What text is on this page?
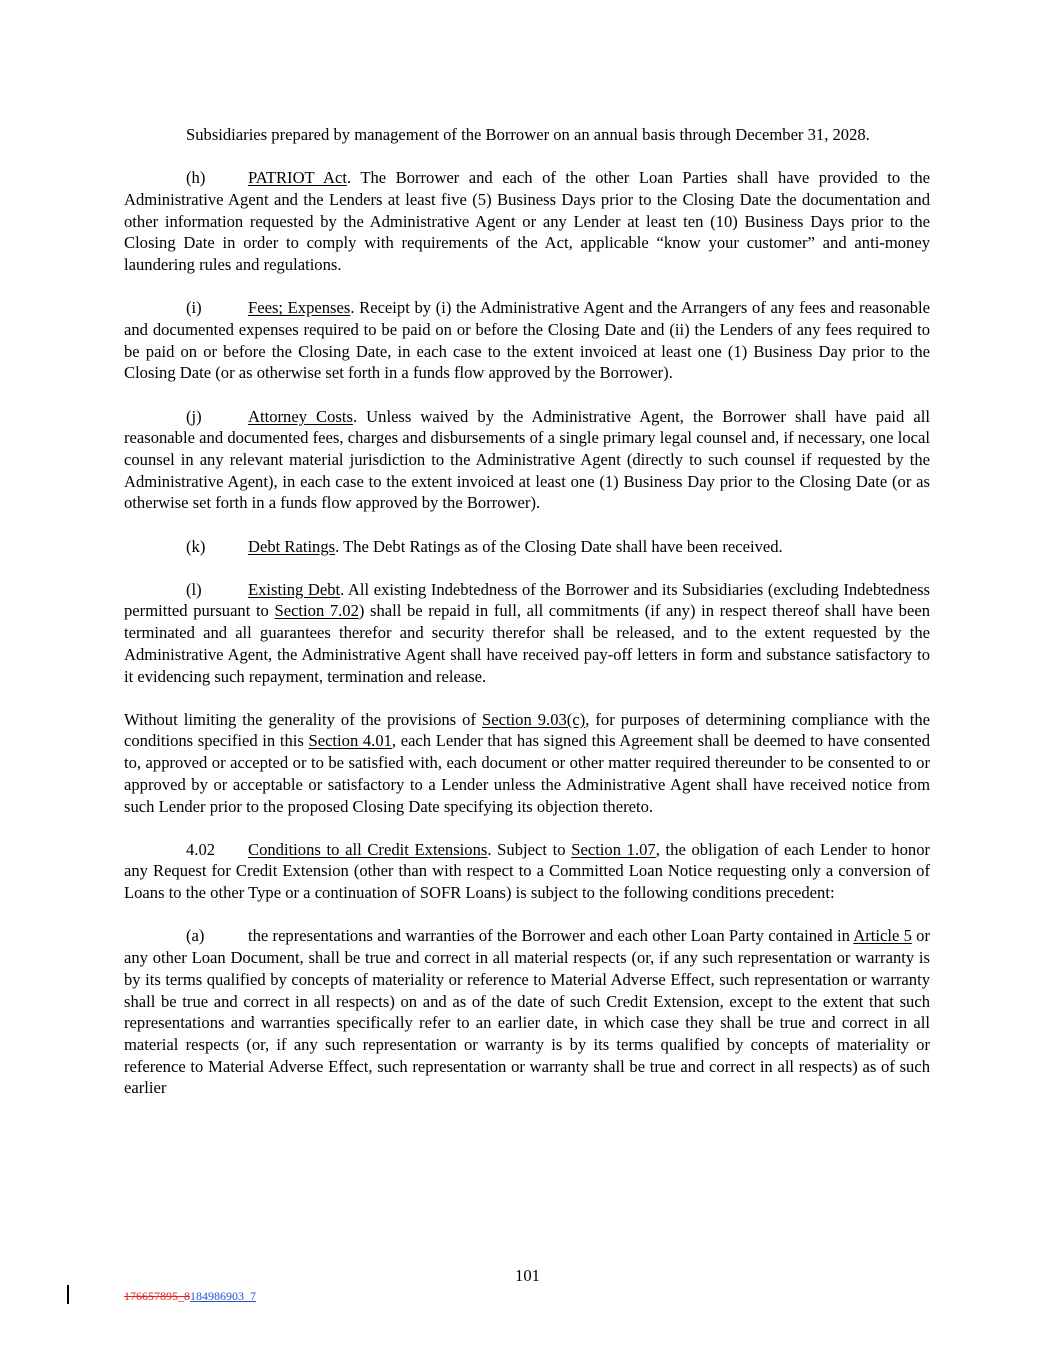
Subsidiaries prepared by management of the Borrower on an annual basis through December 31, 2028.

(h)	PATRIOT Act. The Borrower and each of the other Loan Parties shall have provided to the Administrative Agent and the Lenders at least five (5) Business Days prior to the Closing Date the documentation and other information requested by the Administrative Agent or any Lender at least ten (10) Business Days prior to the Closing Date in order to comply with requirements of the Act, applicable “know your customer” and anti-money laundering rules and regulations.

(i)	Fees; Expenses. Receipt by (i) the Administrative Agent and the Arrangers of any fees and reasonable and documented expenses required to be paid on or before the Closing Date and (ii) the Lenders of any fees required to be paid on or before the Closing Date, in each case to the extent invoiced at least one (1) Business Day prior to the Closing Date (or as otherwise set forth in a funds flow approved by the Borrower).

(j)	Attorney Costs. Unless waived by the Administrative Agent, the Borrower shall have paid all reasonable and documented fees, charges and disbursements of a single primary legal counsel and, if necessary, one local counsel in any relevant material jurisdiction to the Administrative Agent (directly to such counsel if requested by the Administrative Agent), in each case to the extent invoiced at least one (1) Business Day prior to the Closing Date (or as otherwise set forth in a funds flow approved by the Borrower).

(k)	Debt Ratings. The Debt Ratings as of the Closing Date shall have been received.

(l)	Existing Debt. All existing Indebtedness of the Borrower and its Subsidiaries (excluding Indebtedness permitted pursuant to Section 7.02) shall be repaid in full, all commitments (if any) in respect thereof shall have been terminated and all guarantees therefor and security therefor shall be released, and to the extent requested by the Administrative Agent, the Administrative Agent shall have received pay-off letters in form and substance satisfactory to it evidencing such repayment, termination and release.

Without limiting the generality of the provisions of Section 9.03(c), for purposes of determining compliance with the conditions specified in this Section 4.01, each Lender that has signed this Agreement shall be deemed to have consented to, approved or accepted or to be satisfied with, each document or other matter required thereunder to be consented to or approved by or acceptable or satisfactory to a Lender unless the Administrative Agent shall have received notice from such Lender prior to the proposed Closing Date specifying its objection thereto.

4.02 Conditions to all Credit Extensions. Subject to Section 1.07, the obligation of each Lender to honor any Request for Credit Extension (other than with respect to a Committed Loan Notice requesting only a conversion of Loans to the other Type or a continuation of SOFR Loans) is subject to the following conditions precedent:

(a)	the representations and warranties of the Borrower and each other Loan Party contained in Article 5 or any other Loan Document, shall be true and correct in all material respects (or, if any such representation or warranty is by its terms qualified by concepts of materiality or reference to Material Adverse Effect, such representation or warranty shall be true and correct in all respects) on and as of the date of such Credit Extension, except to the extent that such representations and warranties specifically refer to an earlier date, in which case they shall be true and correct in all material respects (or, if any such representation or warranty is by its terms qualified by concepts of materiality or reference to Material Adverse Effect, such representation or warranty shall be true and correct in all respects) as of such earlier

101
176657895_8184986903_7
